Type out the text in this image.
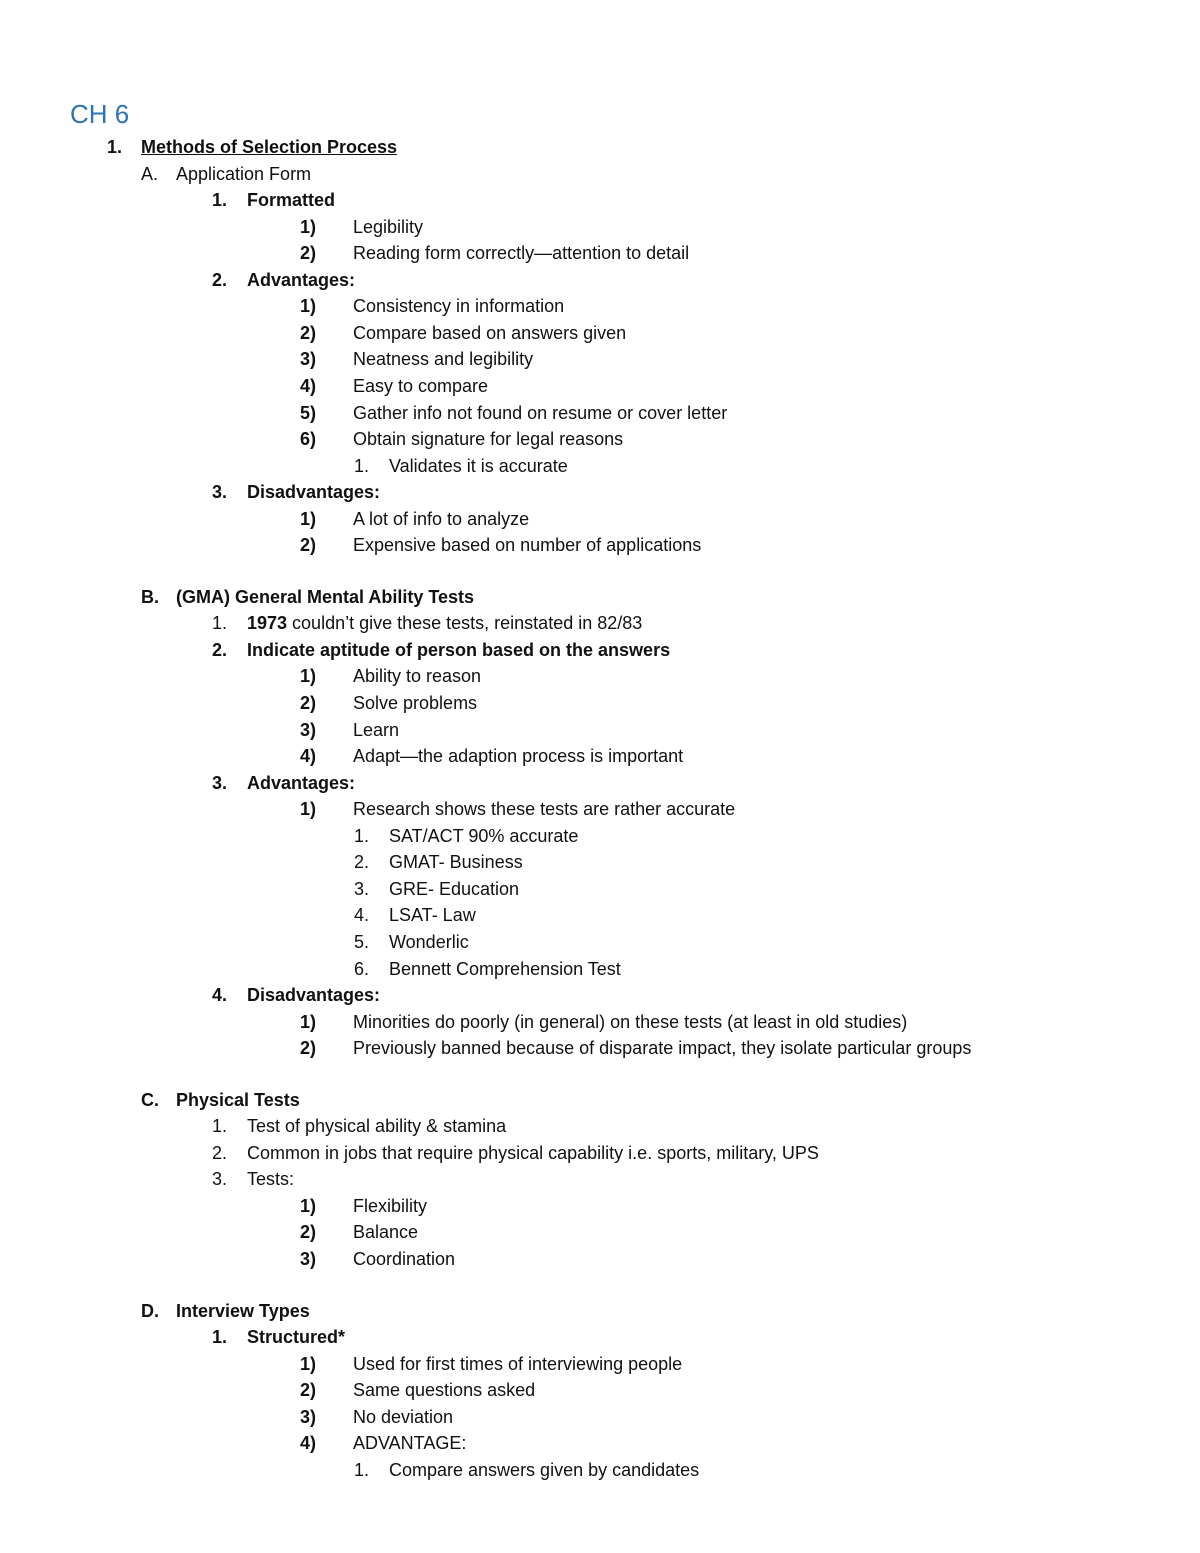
CH 6
1. Methods of Selection Process
A. Application Form
1. Formatted
1) Legibility
2) Reading form correctly—attention to detail
2. Advantages:
1) Consistency in information
2) Compare based on answers given
3) Neatness and legibility
4) Easy to compare
5) Gather info not found on resume or cover letter
6) Obtain signature for legal reasons
1. Validates it is accurate
3. Disadvantages:
1) A lot of info to analyze
2) Expensive based on number of applications
B. (GMA) General Mental Ability Tests
1. 1973 couldn’t give these tests, reinstated in 82/83
2. Indicate aptitude of person based on the answers
1) Ability to reason
2) Solve problems
3) Learn
4) Adapt—the adaption process is important
3. Advantages:
1) Research shows these tests are rather accurate
1. SAT/ACT 90% accurate
2. GMAT- Business
3. GRE- Education
4. LSAT- Law
5. Wonderlic
6. Bennett Comprehension Test
4. Disadvantages:
1) Minorities do poorly (in general) on these tests (at least in old studies)
2) Previously banned because of disparate impact, they isolate particular groups
C. Physical Tests
1. Test of physical ability & stamina
2. Common in jobs that require physical capability i.e. sports, military, UPS
3. Tests:
1) Flexibility
2) Balance
3) Coordination
D. Interview Types
1. Structured*
1) Used for first times of interviewing people
2) Same questions asked
3) No deviation
4) ADVANTAGE:
1. Compare answers given by candidates
